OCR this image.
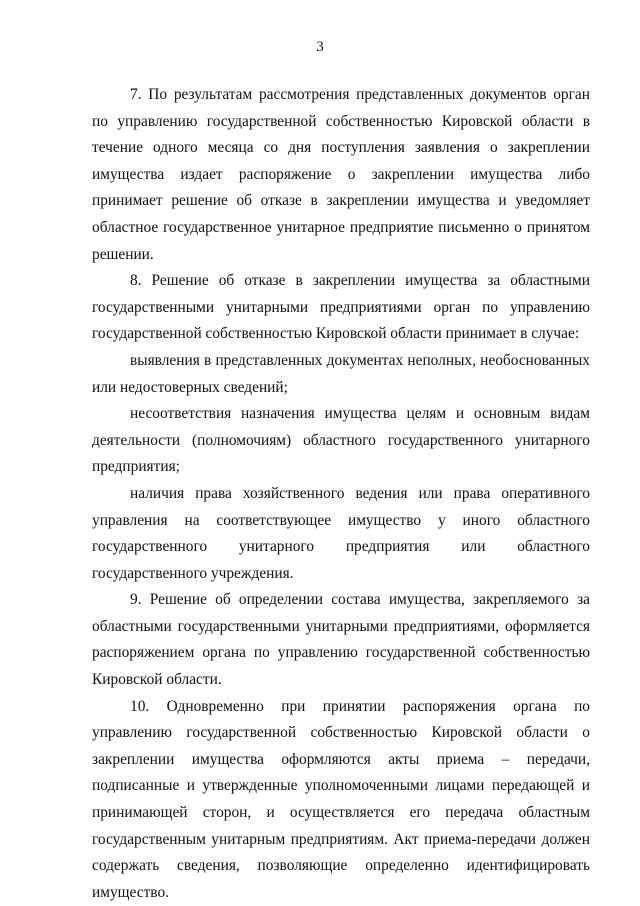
3

7. По результатам рассмотрения представленных документов орган по управлению государственной собственностью Кировской области в течение одного месяца со дня поступления заявления о закреплении имущества издает распоряжение о закреплении имущества либо принимает решение об отказе в закреплении имущества и уведомляет областное государственное унитарное предприятие письменно о принятом решении.

8. Решение об отказе в закреплении имущества за областными государственными унитарными предприятиями орган по управлению государственной собственностью Кировской области принимает в случае:

выявления в представленных документах неполных, необоснованных или недостоверных сведений;

несоответствия назначения имущества целям и основным видам деятельности (полномочиям) областного государственного унитарного предприятия;

наличия права хозяйственного ведения или права оперативного управления на соответствующее имущество у иного областного государственного унитарного предприятия или областного государственного учреждения.

9. Решение об определении состава имущества, закрепляемого за областными государственными унитарными предприятиями, оформляется распоряжением органа по управлению государственной собственностью Кировской области.

10. Одновременно при принятии распоряжения органа по управлению государственной собственностью Кировской области о закреплении имущества оформляются акты приема – передачи, подписанные и утвержденные уполномоченными лицами передающей и принимающей сторон, и осуществляется его передача областным государственным унитарным предприятиям. Акт приема-передачи должен содержать сведения, позволяющие определенно идентифицировать имущество.
